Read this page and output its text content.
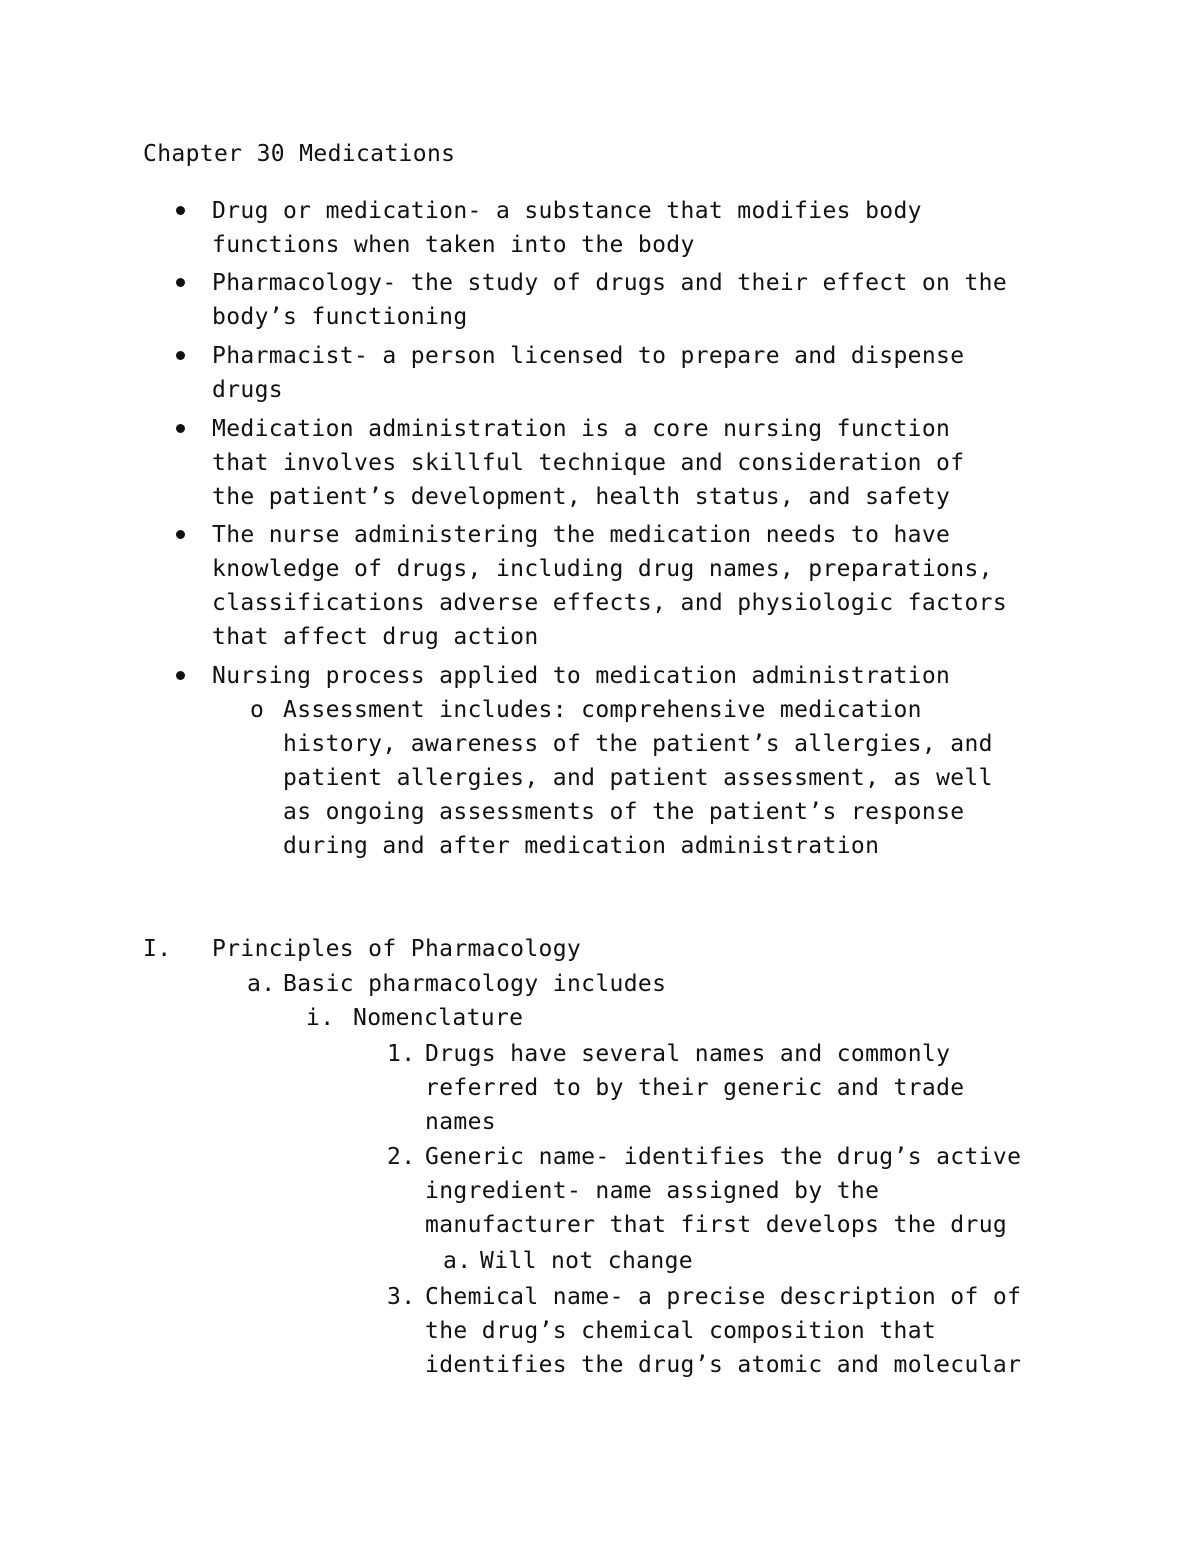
Chapter 30 Medications
Drug or medication- a substance that modifies body
functions when taken into the body
Pharmacology- the study of drugs and their effect on the
body’s functioning
Pharmacist- a person licensed to prepare and dispense
drugs
Medication administration is a core nursing function
that involves skillful technique and consideration of
the patient’s development, health status, and safety
The nurse administering the medication needs to have
knowledge of drugs, including drug names, preparations,
classifications adverse effects, and physiologic factors
that affect drug action
Nursing process applied to medication administration
o Assessment includes: comprehensive medication
history, awareness of the patient’s allergies, and
patient allergies, and patient assessment, as well
as ongoing assessments of the patient’s response
during and after medication administration
I. Principles of Pharmacology
a. Basic pharmacology includes
i. Nomenclature
1. Drugs have several names and commonly
referred to by their generic and trade
names
2. Generic name- identifies the drug’s active
ingredient- name assigned by the
manufacturer that first develops the drug
a. Will not change
3. Chemical name- a precise description of of
the drug’s chemical composition that
identifies the drug’s atomic and molecular
